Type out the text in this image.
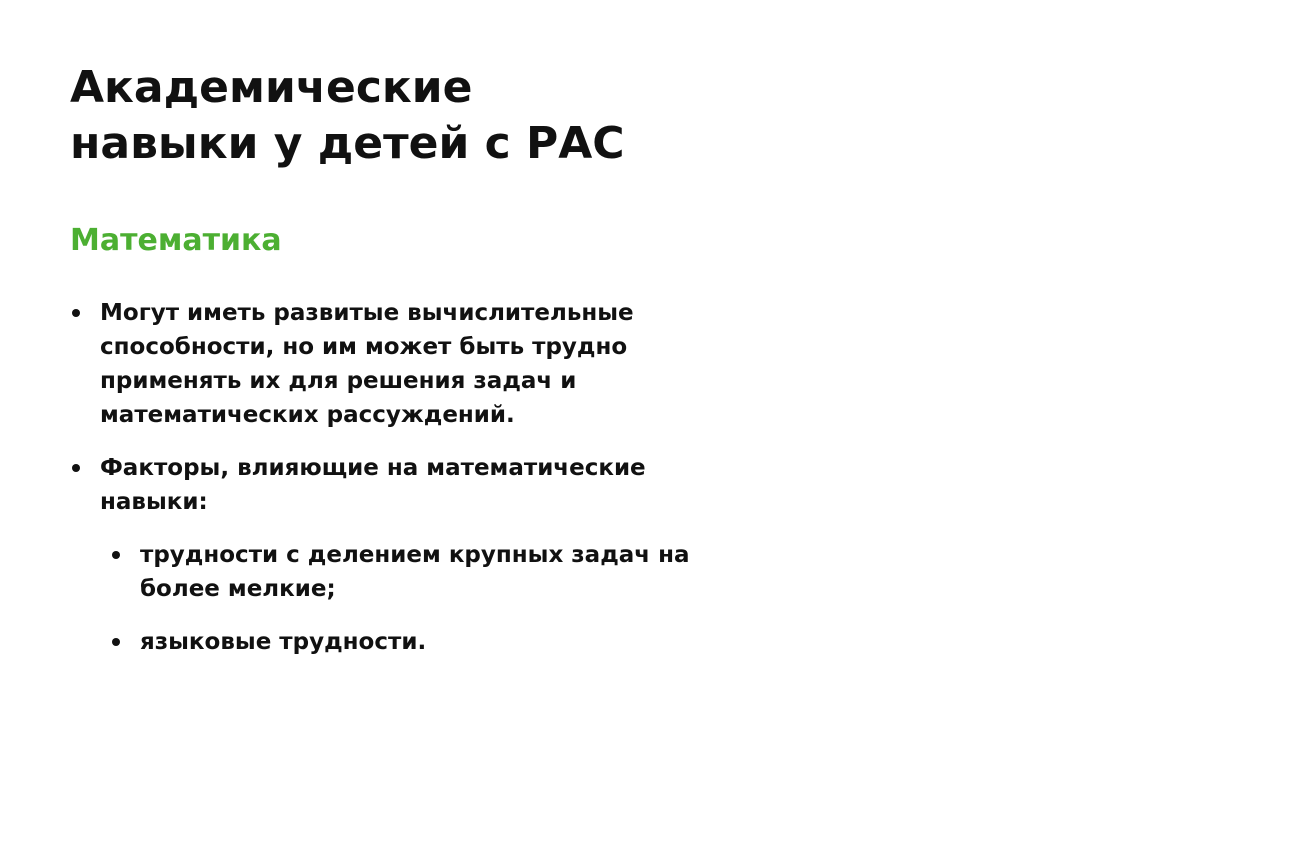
Академические
навыки у детей с РАС
Математика
Могут иметь развитые вычислительные способности, но им может быть трудно применять их для решения задач и математических рассуждений.
Факторы, влияющие на математические навыки:
трудности с делением крупных задач на более мелкие;
языковые трудности.
